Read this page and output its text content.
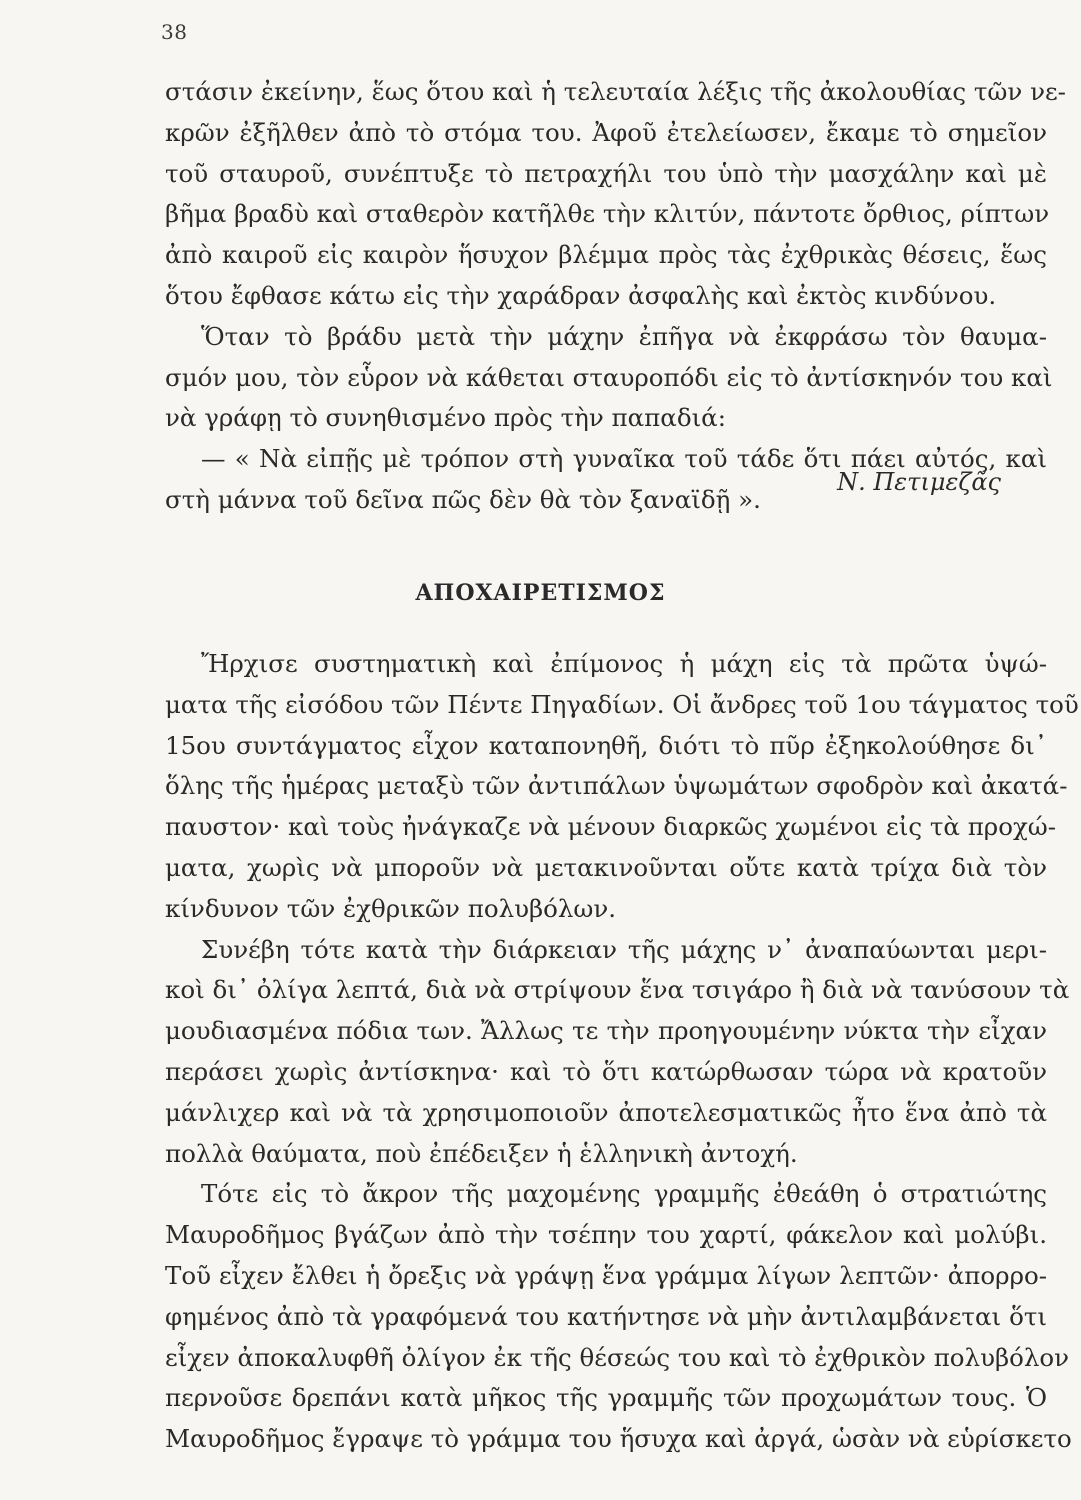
38
στάσιν ἐκείνην, ἕως ὅτου καὶ ἡ τελευταία λέξις τῆς ἀκολουθίας τῶν νε-
κρῶν ἐξῆλθεν ἀπὸ τὸ στόμα του. Ἀφοῦ ἐτελείωσεν, ἔκαμε τὸ σημεῖον
τοῦ σταυροῦ, συνέπτυξε τὸ πετραχήλι του ὑπὸ τὴν μασχάλην καὶ μὲ
βῆμα βραδὺ καὶ σταθερὸν κατῆλθε τὴν κλιτύν, πάντοτε ὄρθιος, ρίπτων
ἀπὸ καιροῦ εἰς καιρὸν ἥσυχον βλέμμα πρὸς τὰς ἐχθρικὰς θέσεις, ἕως
ὅτου ἔφθασε κάτω εἰς τὴν χαράδραν ἀσφαλὴς καὶ ἐκτὸς κινδύνου.
Ὅταν τὸ βράδυ μετὰ τὴν μάχην ἐπῆγα νὰ ἐκφράσω τὸν θαυμα-
σμόν μου, τὸν εὗρον νὰ κάθεται σταυροπόδι εἰς τὸ ἀντίσκηνόν του καὶ
νὰ γράφῃ τὸ συνηθισμένο πρὸς τὴν παπαδιά:
— « Νὰ εἰπῇς μὲ τρόπον στὴ γυναῖκα τοῦ τάδε ὅτι πάει αὐτός, καὶ
στὴ μάννα τοῦ δεῖνα πῶς δὲν θὰ τὸν ξαναϊδῇ ».
Ν. Πετιμεζᾶς
ΑΠΟΧΑΙΡΕΤΙΣΜΟΣ
Ἤρχισε συστηματικὴ καὶ ἐπίμονος ἡ μάχη εἰς τὰ πρῶτα ὑψώ-
ματα τῆς εἰσόδου τῶν Πέντε Πηγαδίων. Οἱ ἄνδρες τοῦ 1ου τάγματος τοῦ
15ου συντάγματος εἶχον καταπονηθῆ, διότι τὸ πῦρ ἐξηκολούθησε δι᾽
ὅλης τῆς ἡμέρας μεταξὺ τῶν ἀντιπάλων ὑψωμάτων σφοδρὸν καὶ ἀκατά-
παυστον· καὶ τοὺς ἠνάγκαζε νὰ μένουν διαρκῶς χωμένοι εἰς τὰ προχώ-
ματα, χωρὶς νὰ μποροῦν νὰ μετακινοῦνται οὔτε κατὰ τρίχα διὰ τὸν
κίνδυνον τῶν ἐχθρικῶν πολυβόλων.
Συνέβη τότε κατὰ τὴν διάρκειαν τῆς μάχης ν᾽ ἀναπαύωνται μερι-
κοὶ δι᾽ ὀλίγα λεπτά, διὰ νὰ στρίψουν ἕνα τσιγάρο ἢ διὰ νὰ τανύσουν τὰ
μουδιασμένα πόδια των. Ἄλλως τε τὴν προηγουμένην νύκτα τὴν εἶχαν
περάσει χωρὶς ἀντίσκηνα· καὶ τὸ ὅτι κατώρθωσαν τώρα νὰ κρατοῦν
μάνλιχερ καὶ νὰ τὰ χρησιμοποιοῦν ἀποτελεσματικῶς ἦτο ἕνα ἀπὸ τὰ
πολλὰ θαύματα, ποὺ ἐπέδειξεν ἡ ἑλληνικὴ ἀντοχή.
Τότε εἰς τὸ ἄκρον τῆς μαχομένης γραμμῆς ἐθεάθη ὁ στρατιώτης
Μαυροδῆμος βγάζων ἀπὸ τὴν τσέπην του χαρτί, φάκελον καὶ μολύβι.
Τοῦ εἶχεν ἔλθει ἡ ὄρεξις νὰ γράψῃ ἕνα γράμμα λίγων λεπτῶν· ἀπορρο-
φημένος ἀπὸ τὰ γραφόμενά του κατήντησε νὰ μὴν ἀντιλαμβάνεται ὅτι
εἶχεν ἀποκαλυφθῆ ὀλίγον ἐκ τῆς θέσεώς του καὶ τὸ ἐχθρικὸν πολυβόλον
περνοῦσε δρεπάνι κατὰ μῆκος τῆς γραμμῆς τῶν προχωμάτων τους. Ὁ
Μαυροδῆμος ἔγραψε τὸ γράμμα του ἥσυχα καὶ ἀργά, ὡσὰν νὰ εὑρίσκετο
